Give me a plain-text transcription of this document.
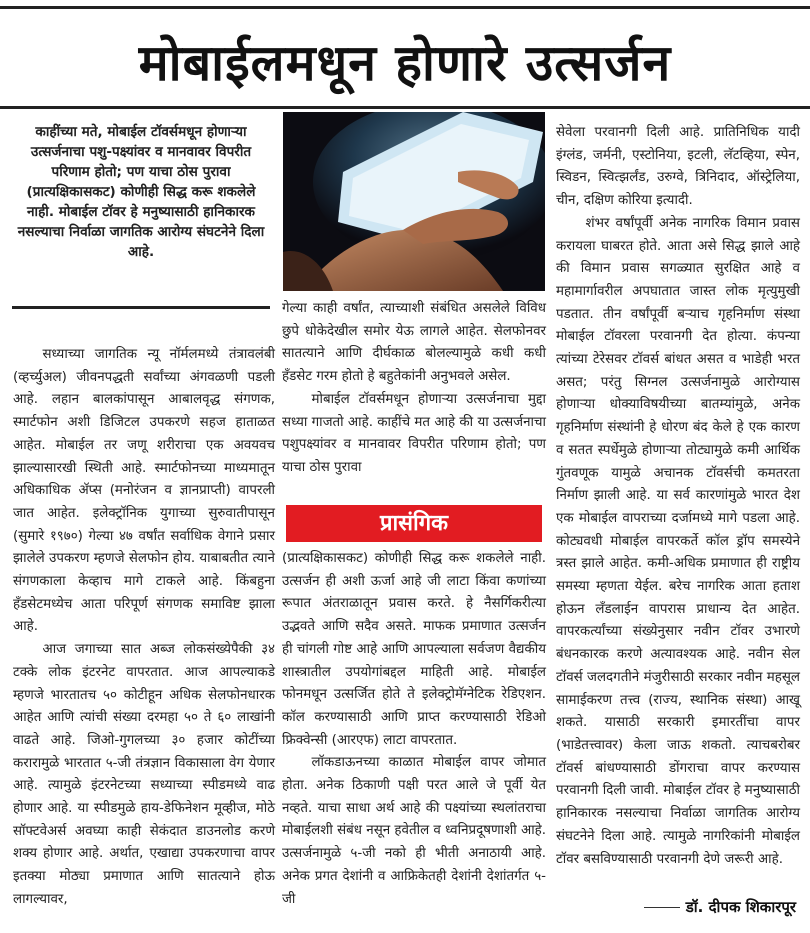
मोबाईलमधून होणारे उत्सर्जन
काहींच्या मते, मोबाईल टॉवर्समधून होणाऱ्या उत्सर्जनाचा पशु-पक्ष्यांवर व मानवावर विपरीत परिणाम होतो; पण याचा ठोस पुरावा (प्रात्यक्षिकासकट) कोणीही सिद्ध करू शकलेले नाही. मोबाईल टॉवर हे मनुष्यासाठी हानिकारक नसल्याचा निर्वाळा जागतिक आरोग्य संघटनेने दिला आहे.

सध्याच्या जागतिक न्यू नॉर्मलमध्ये तंत्रावलंबी (व्हर्च्युअल) जीवनपद्धती सर्वांच्या अंगवळणी पडली आहे. लहान बालकांपासून आबालवृद्ध संगणक, स्मार्टफोन अशी डिजिटल उपकरणे सहज हाताळत आहेत. मोबाईल तर जणू शरीराचा एक अवयवच झाल्यासारखी स्थिती आहे. स्मार्टफोनच्या माध्यमातून अधिकाधिक ॲप्स (मनोरंजन व ज्ञानप्राप्ती) वापरली जात आहेत. इलेक्ट्रॉनिक युगाच्या सुरुवातीपासून (सुमारे १९७०) गेल्या ४७ वर्षांत सर्वाधिक वेगाने प्रसार झालेले उपकरण म्हणजे सेलफोन होय. याबाबतीत त्याने संगणकाला केव्हाच मागे टाकले आहे. किंबहुना हँडसेटमध्येच आता परिपूर्ण संगणक समाविष्ट झाला आहे.

आज जगाच्या सात अब्ज लोकसंख्येपैकी ३४ टक्के लोक इंटरनेट वापरतात. आज आपल्याकडे म्हणजे भारतातच ५० कोटीहून अधिक सेलफोनधारक आहेत आणि त्यांची संख्या दरमहा ५० ते ६० लाखांनी वाढते आहे. जिओ-गुगलच्या ३० हजार कोटींच्या करारामुळे भारतात ५-जी तंत्रज्ञान विकासाला वेग येणार आहे. त्यामुळे इंटरनेटच्या सध्याच्या स्पीडमध्ये वाढ होणार आहे. या स्पीडमुळे हाय-डेफिनेशन मूव्हीज, मोठे सॉफ्टवेअर्स अवघ्या काही सेकंदात डाउनलोड करणे शक्य होणार आहे. अर्थात, एखाद्या उपकरणाचा वापर इतक्या मोठ्या प्रमाणात आणि सातत्याने होऊ लागल्यावर,

गेल्या काही वर्षांत, त्याच्याशी संबंधित असलेले विविध छुपे धोकेदेखील समोर येऊ लागले आहेत. सेलफोनवर सातत्याने आणि दीर्घकाळ बोलल्यामुळे कधी कधी हँडसेट गरम होतो हे बहुतेकांनी अनुभवले असेल.

मोबाईल टॉवर्समधून होणाऱ्या उत्सर्जनाचा मुद्दा सध्या गाजतो आहे. काहींचे मत आहे की या उत्सर्जनाचा पशुपक्ष्यांवर व मानवावर विपरीत परिणाम होतो; पण याचा ठोस पुरावा

प्रासंगिक

(प्रात्यक्षिकासकट) कोणीही सिद्ध करू शकलेले नाही. उत्सर्जन ही अशी ऊर्जा आहे जी लाटा किंवा कणांच्या रूपात अंतराळातून प्रवास करते. हे नैसर्गिकरीत्या उद्भवते आणि सदैव असते. माफक प्रमाणात उत्सर्जन ही चांगली गोष्ट आहे आणि आपल्याला सर्वजण वैद्यकीय शास्त्रातील उपयोगांबद्दल माहिती आहे. मोबाईल फोनमधून उत्सर्जित होते ते इलेक्ट्रोमॅग्नेटिक रेडिएशन. कॉल करण्यासाठी आणि प्राप्त करण्यासाठी रेडिओ फ्रिक्वेन्सी (आरएफ) लाटा वापरतात.

लॉकडाऊनच्या काळात मोबाईल वापर जोमात होता. अनेक ठिकाणी पक्षी परत आले जे पूर्वी येत नव्हते. याचा साधा अर्थ आहे की पक्ष्यांच्या स्थलांतराचा मोबाईलशी संबंध नसून हवेतील व ध्वनिप्रदूषणाशी आहे. उत्सर्जनामुळे ५-जी नको ही भीती अनाठायी आहे. अनेक प्रगत देशांनी व आफ्रिकेतही देशांनी देशांतर्गत ५-जी

सेवेला परवानगी दिली आहे. प्रातिनिधिक यादी इंग्लंड, जर्मनी, एस्टोनिया, इटली, लॅटव्हिया, स्पेन, स्विडन, स्वित्झर्लंड, उरुग्वे, त्रिनिदाद, ऑस्ट्रेलिया, चीन, दक्षिण कोरिया इत्यादी.

शंभर वर्षांपूर्वी अनेक नागरिक विमान प्रवास करायला घाबरत होते. आता असे सिद्ध झाले आहे की विमान प्रवास सगळ्यात सुरक्षित आहे व महामार्गावरील अपघातात जास्त लोक मृत्युमुखी पडतात. तीन वर्षांपूर्वी बऱ्याच गृहनिर्माण संस्था मोबाईल टॉवरला परवानगी देत होत्या. कंपन्या त्यांच्या टेरेसवर टॉवर्स बांधत असत व भाडेही भरत असत; परंतु सिग्नल उत्सर्जनामुळे आरोग्यास होणाऱ्या धोक्याविषयीच्या बातम्यांमुळे, अनेक गृहनिर्माण संस्थांनी हे धोरण बंद केले हे एक कारण व सतत स्पर्धेमुळे होणाऱ्या तोट्यामुळे कमी आर्थिक गुंतवणूक यामुळे अचानक टॉवर्सची कमतरता निर्माण झाली आहे. या सर्व कारणांमुळे भारत देश एक मोबाईल वापराच्या दर्जामध्ये मागे पडला आहे. कोट्यवधी मोबाईल वापरकर्ते कॉल ड्रॉप समस्येने त्रस्त झाले आहेत. कमी-अधिक प्रमाणात ही राष्ट्रीय समस्या म्हणता येईल. बरेच नागरिक आता हताश होऊन लँडलाईन वापरास प्राधान्य देत आहेत. वापरकर्त्यांच्या संख्येनुसार नवीन टॉवर उभारणे बंधनकारक करणे अत्यावश्यक आहे. नवीन सेल टॉवर्स जलदगतीने मंजुरीसाठी सरकार नवीन महसूल सामाईकरण तत्त्व (राज्य, स्थानिक संस्था) आखू शकते. यासाठी सरकारी इमारतींचा वापर (भाडेतत्त्वावर) केला जाऊ शकतो. त्याचबरोबर टॉवर्स बांधण्यासाठी डोंगराचा वापर करण्यास परवानगी दिली जावी. मोबाईल टॉवर हे मनुष्यासाठी हानिकारक नसल्याचा निर्वाळा जागतिक आरोग्य संघटनेने दिला आहे. त्यामुळे नागरिकांनी मोबाईल टॉवर बसविण्यासाठी परवानगी देणे जरूरी आहे.

डॉ. दीपक शिकारपूर
